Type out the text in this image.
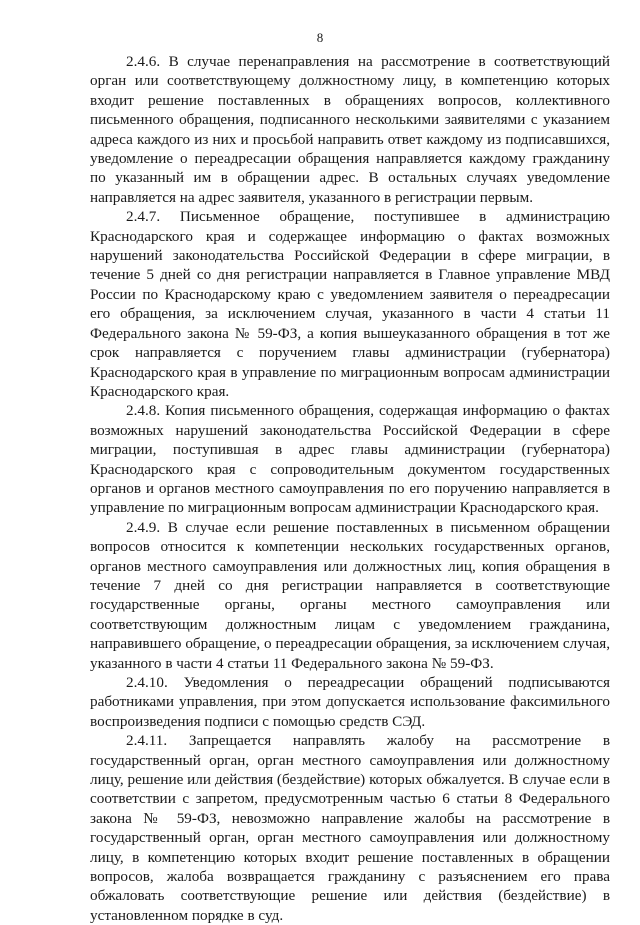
8

2.4.6. В случае перенаправления на рассмотрение в соответствующий орган или соответствующему должностному лицу, в компетенцию которых входит решение поставленных в обращениях вопросов, коллективного письменного обращения, подписанного несколькими заявителями с указанием адреса каждого из них и просьбой направить ответ каждому из подписавшихся, уведомление о переадресации обращения направляется каждому гражданину по указанный им в обращении адрес. В остальных случаях уведомление направляется на адрес заявителя, указанного в регистрации первым.

2.4.7. Письменное обращение, поступившее в администрацию Краснодарского края и содержащее информацию о фактах возможных нарушений законодательства Российской Федерации в сфере миграции, в течение 5 дней со дня регистрации направляется в Главное управление МВД России по Краснодарскому краю с уведомлением заявителя о переадресации его обращения, за исключением случая, указанного в части 4 статьи 11 Федерального закона № 59-ФЗ, а копия вышеуказанного обращения в тот же срок направляется с поручением главы администрации (губернатора) Краснодарского края в управление по миграционным вопросам администрации Краснодарского края.

2.4.8. Копия письменного обращения, содержащая информацию о фактах возможных нарушений законодательства Российской Федерации в сфере миграции, поступившая в адрес главы администрации (губернатора) Краснодарского края с сопроводительным документом государственных органов и органов местного самоуправления по его поручению направляется в управление по миграционным вопросам администрации Краснодарского края.

2.4.9. В случае если решение поставленных в письменном обращении вопросов относится к компетенции нескольких государственных органов, органов местного самоуправления или должностных лиц, копия обращения в течение 7 дней со дня регистрации направляется в соответствующие государственные органы, органы местного самоуправления или соответствующим должностным лицам с уведомлением гражданина, направившего обращение, о переадресации обращения, за исключением случая, указанного в части 4 статьи 11 Федерального закона № 59-ФЗ.

2.4.10. Уведомления о переадресации обращений подписываются работниками управления, при этом допускается использование факсимильного воспроизведения подписи с помощью средств СЭД.

2.4.11. Запрещается направлять жалобу на рассмотрение в государственный орган, орган местного самоуправления или должностному лицу, решение или действия (бездействие) которых обжалуется. В случае если в соответствии с запретом, предусмотренным частью 6 статьи 8 Федерального закона № 59-ФЗ, невозможно направление жалобы на рассмотрение в государственный орган, орган местного самоуправления или должностному лицу, в компетенцию которых входит решение поставленных в обращении вопросов, жалоба возвращается гражданину с разъяснением его права обжаловать соответствующие решение или действия (бездействие) в установленном порядке в суд.
